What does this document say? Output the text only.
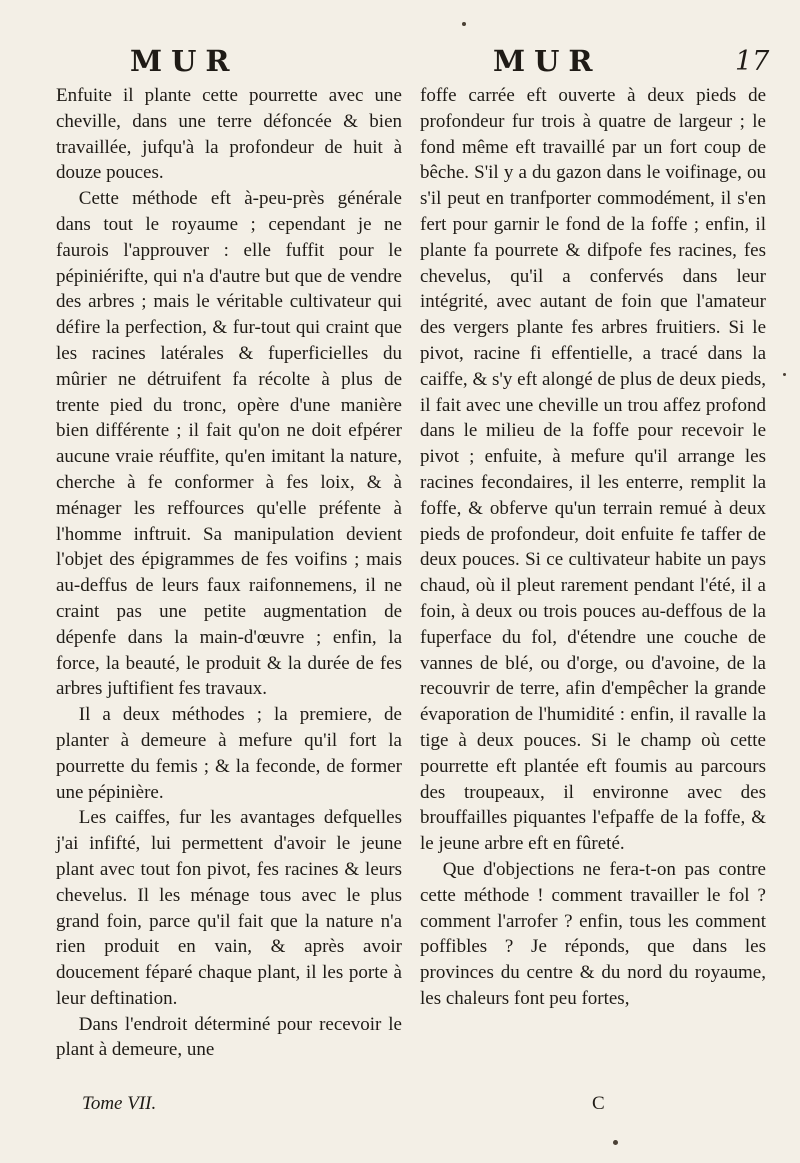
MUR	MUR	17

Enfuite il plante cette pourrette avec une cheville, dans une terre défoncée & bien travaillée, jufqu'à la profondeur de huit à douze pouces.

Cette méthode eft à-peu-près générale dans tout le royaume ; cependant je ne faurois l'approuver : elle fuffit pour le pépiniérifte, qui n'a d'autre but que de vendre des arbres ; mais le véritable cultivateur qui défire la perfection, & fur-tout qui craint que les racines latérales & fuperficielles du mûrier ne détruifent fa récolte à plus de trente pied du tronc, opère d'une manière bien différente ; il fait qu'on ne doit efpérer aucune vraie réuffite, qu'en imitant la nature, cherche à fe conformer à fes loix, & à ménager les reffources qu'elle préfente à l'homme inftruit. Sa manipulation devient l'objet des épigrammes de fes voifins ; mais au-deffus de leurs faux raifonnemens, il ne craint pas une petite augmentation de dépenfe dans la main-d'œuvre ; enfin, la force, la beauté, le produit & la durée de fes arbres juftifient fes travaux.

Il a deux méthodes ; la premiere, de planter à demeure à mefure qu'il fort la pourrette du femis ; & la feconde, de former une pépinière.

Les caiffes, fur les avantages defquelles j'ai infifté, lui permettent d'avoir le jeune plant avec tout fon pivot, fes racines & leurs chevelus. Il les ménage tous avec le plus grand foin, parce qu'il fait que la nature n'a rien produit en vain, & après avoir doucement féparé chaque plant, il les porte à leur deftination.

Dans l'endroit déterminé pour recevoir le plant à demeure, une

foffe carrée eft ouverte à deux pieds de profondeur fur trois à quatre de largeur ; le fond même eft travaillé par un fort coup de bêche. S'il y a du gazon dans le voifinage, ou s'il peut en tranfporter commodément, il s'en fert pour garnir le fond de la foffe ; enfin, il plante fa pourrete & difpofe fes racines, fes chevelus, qu'il a confervés dans leur intégrité, avec autant de foin que l'amateur des vergers plante fes arbres fruitiers. Si le pivot, racine fi effentielle, a tracé dans la caiffe, & s'y eft alongé de plus de deux pieds, il fait avec une cheville un trou affez profond dans le milieu de la foffe pour recevoir le pivot ; enfuite, à mefure qu'il arrange les racines fecondaires, il les enterre, remplit la foffe, & obferve qu'un terrain remué à deux pieds de profondeur, doit enfuite fe taffer de deux pouces. Si ce cultivateur habite un pays chaud, où il pleut rarement pendant l'été, il a foin, à deux ou trois pouces au-deffous de la fuperface du fol, d'étendre une couche de vannes de blé, ou d'orge, ou d'avoine, de la recouvrir de terre, afin d'empêcher la grande évaporation de l'humidité : enfin, il ravalle la tige à deux pouces. Si le champ où cette pourrette eft plantée eft foumis au parcours des troupeaux, il environne avec des brouffailles piquantes l'efpaffe de la foffe, & le jeune arbre eft en fûreté.

Que d'objections ne fera-t-on pas contre cette méthode ! comment travailler le fol ? comment l'arrofer ? enfin, tous les comment poffibles ? Je réponds, que dans les provinces du centre & du nord du royaume, les chaleurs font peu fortes,

Tome VII.	C
